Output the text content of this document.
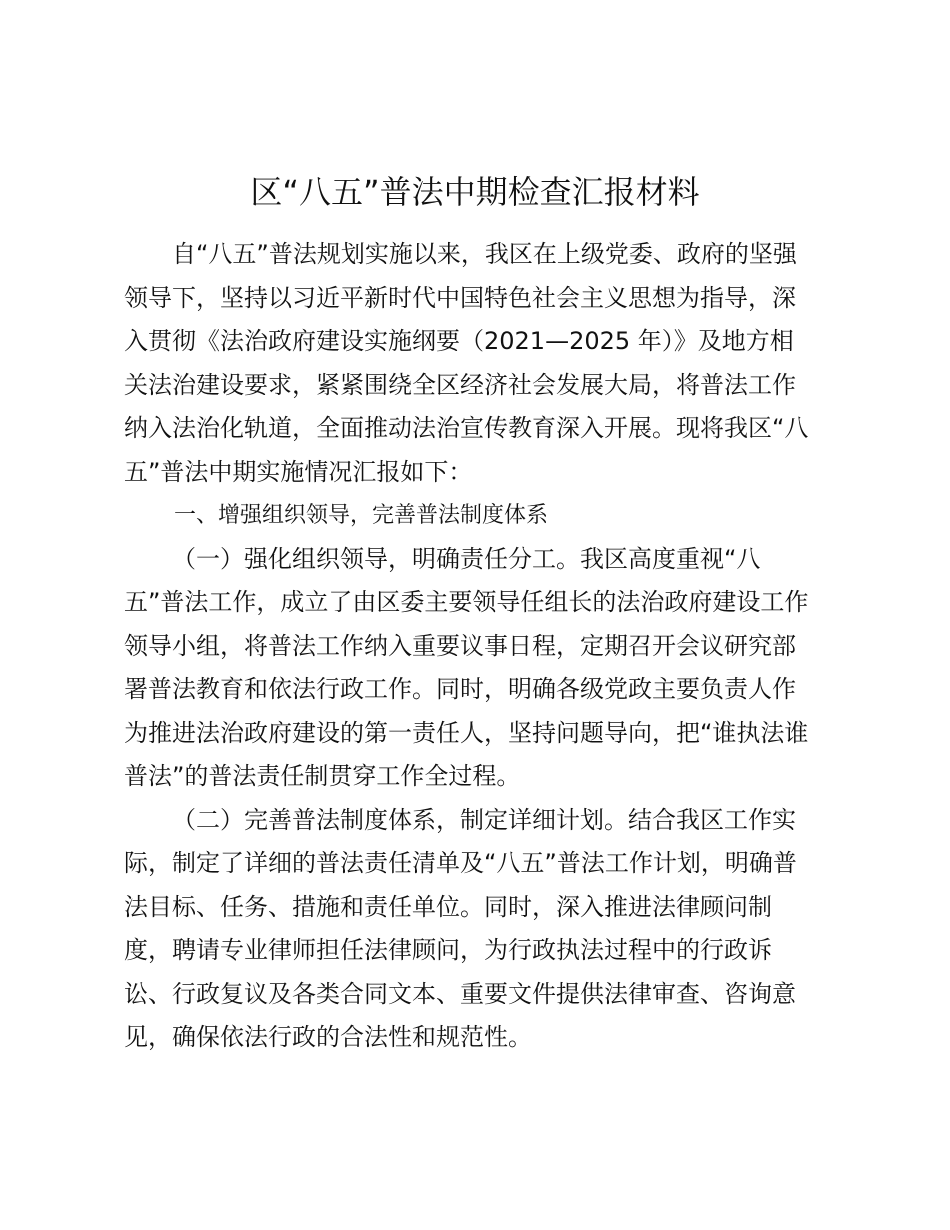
区“八五”普法中期检查汇报材料

自“八五”普法规划实施以来，我区在上级党委、政府的坚强

领导下，坚持以习近平新时代中国特色社会主义思想为指导，深

入贯彻《法治政府建设实施纲要（2021—2025 年）》及地方相

关法治建设要求，紧紧围绕全区经济社会发展大局，将普法工作

纳入法治化轨道，全面推动法治宣传教育深入开展。现将我区“八

五”普法中期实施情况汇报如下：

一、增强组织领导，完善普法制度体系

（一）强化组织领导，明确责任分工。我区高度重视“八

五”普法工作，成立了由区委主要领导任组长的法治政府建设工作

领导小组，将普法工作纳入重要议事日程，定期召开会议研究部

署普法教育和依法行政工作。同时，明确各级党政主要负责人作

为推进法治政府建设的第一责任人，坚持问题导向，把“谁执法谁

普法”的普法责任制贯穿工作全过程。

（二）完善普法制度体系，制定详细计划。结合我区工作实

际，制定了详细的普法责任清单及“八五”普法工作计划，明确普

法目标、任务、措施和责任单位。同时，深入推进法律顾问制

度，聘请专业律师担任法律顾问，为行政执法过程中的行政诉

讼、行政复议及各类合同文本、重要文件提供法律审查、咨询意

见，确保依法行政的合法性和规范性。
